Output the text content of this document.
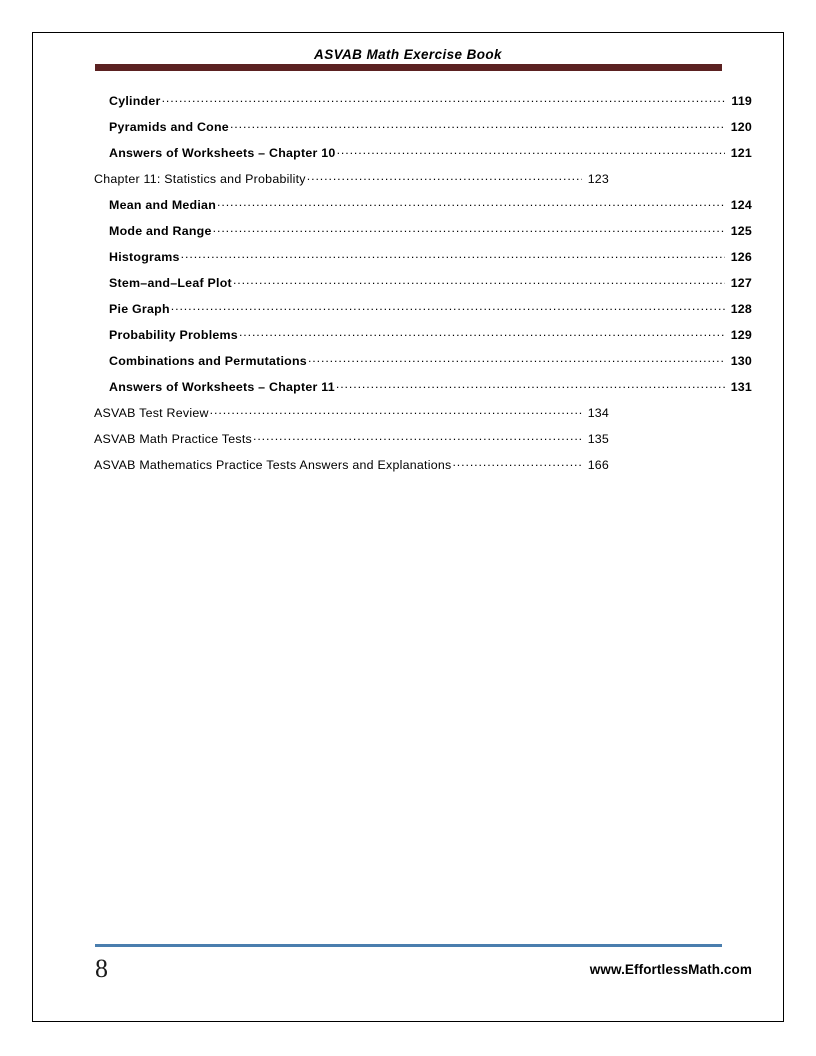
ASVAB Math Exercise Book
Cylinder .....	119
Pyramids and Cone .....	120
Answers of Worksheets – Chapter 10 .....	121
Chapter 11: Statistics and Probability .....	123
Mean and Median .....	124
Mode and Range .....	125
Histograms .....	126
Stem–and–Leaf Plot .....	127
Pie Graph .....	128
Probability Problems .....	129
Combinations and Permutations .....	130
Answers of Worksheets – Chapter 11 .....	131
ASVAB Test Review .....	134
ASVAB Math Practice Tests .....	135
ASVAB Mathematics Practice Tests Answers and Explanations .....	166
8	www.EffortlessMath.com
